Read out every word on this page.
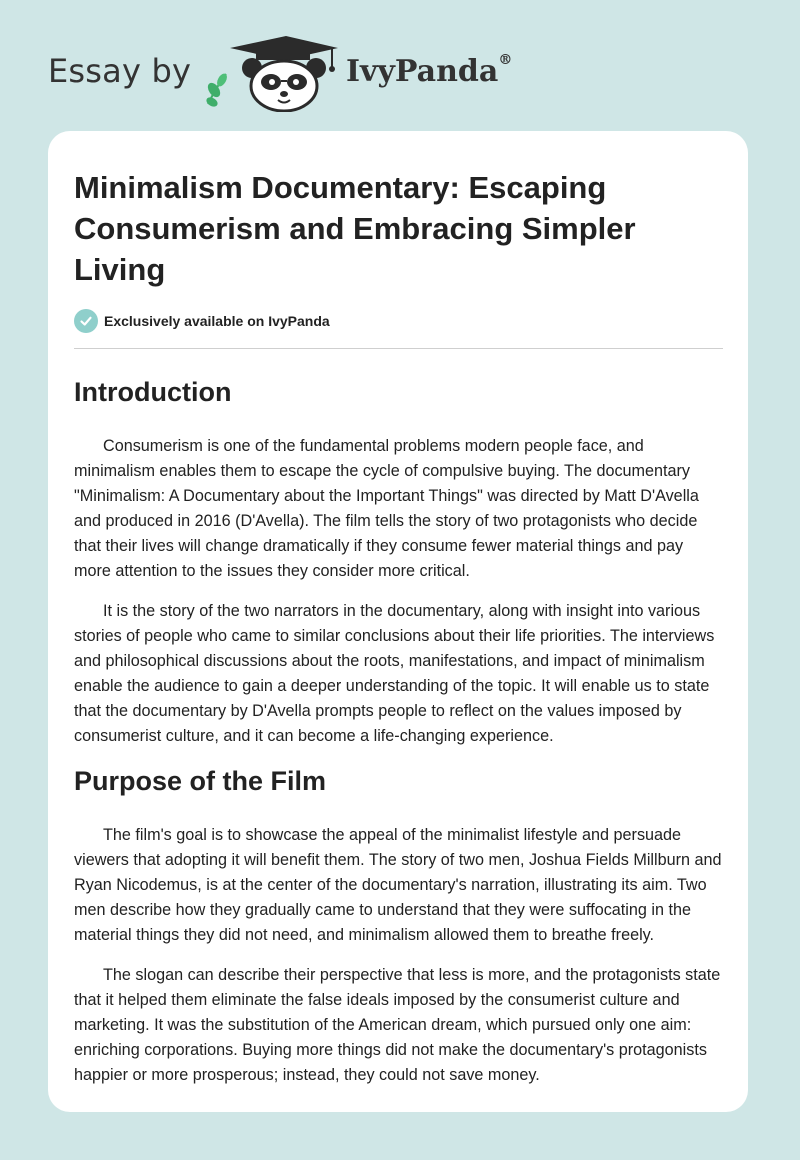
Essay by	IvyPanda®
Minimalism Documentary: Escaping Consumerism and Embracing Simpler Living
Exclusively available on IvyPanda
Introduction

Consumerism is one of the fundamental problems modern people face, and minimalism enables them to escape the cycle of compulsive buying. The documentary "Minimalism: A Documentary about the Important Things" was directed by Matt D'Avella and produced in 2016 (D'Avella). The film tells the story of two protagonists who decide that their lives will change dramatically if they consume fewer material things and pay more attention to the issues they consider more critical.

It is the story of the two narrators in the documentary, along with insight into various stories of people who came to similar conclusions about their life priorities. The interviews and philosophical discussions about the roots, manifestations, and impact of minimalism enable the audience to gain a deeper understanding of the topic. It will enable us to state that the documentary by D'Avella prompts people to reflect on the values imposed by consumerist culture, and it can become a life-changing experience.

Purpose of the Film

The film's goal is to showcase the appeal of the minimalist lifestyle and persuade viewers that adopting it will benefit them. The story of two men, Joshua Fields Millburn and Ryan Nicodemus, is at the center of the documentary's narration, illustrating its aim. Two men describe how they gradually came to understand that they were suffocating in the material things they did not need, and minimalism allowed them to breathe freely.

The slogan can describe their perspective that less is more, and the protagonists state that it helped them eliminate the false ideals imposed by the consumerist culture and marketing. It was the substitution of the American dream, which pursued only one aim: enriching corporations. Buying more things did not make the documentary's protagonists happier or more prosperous; instead, they could not save money.
